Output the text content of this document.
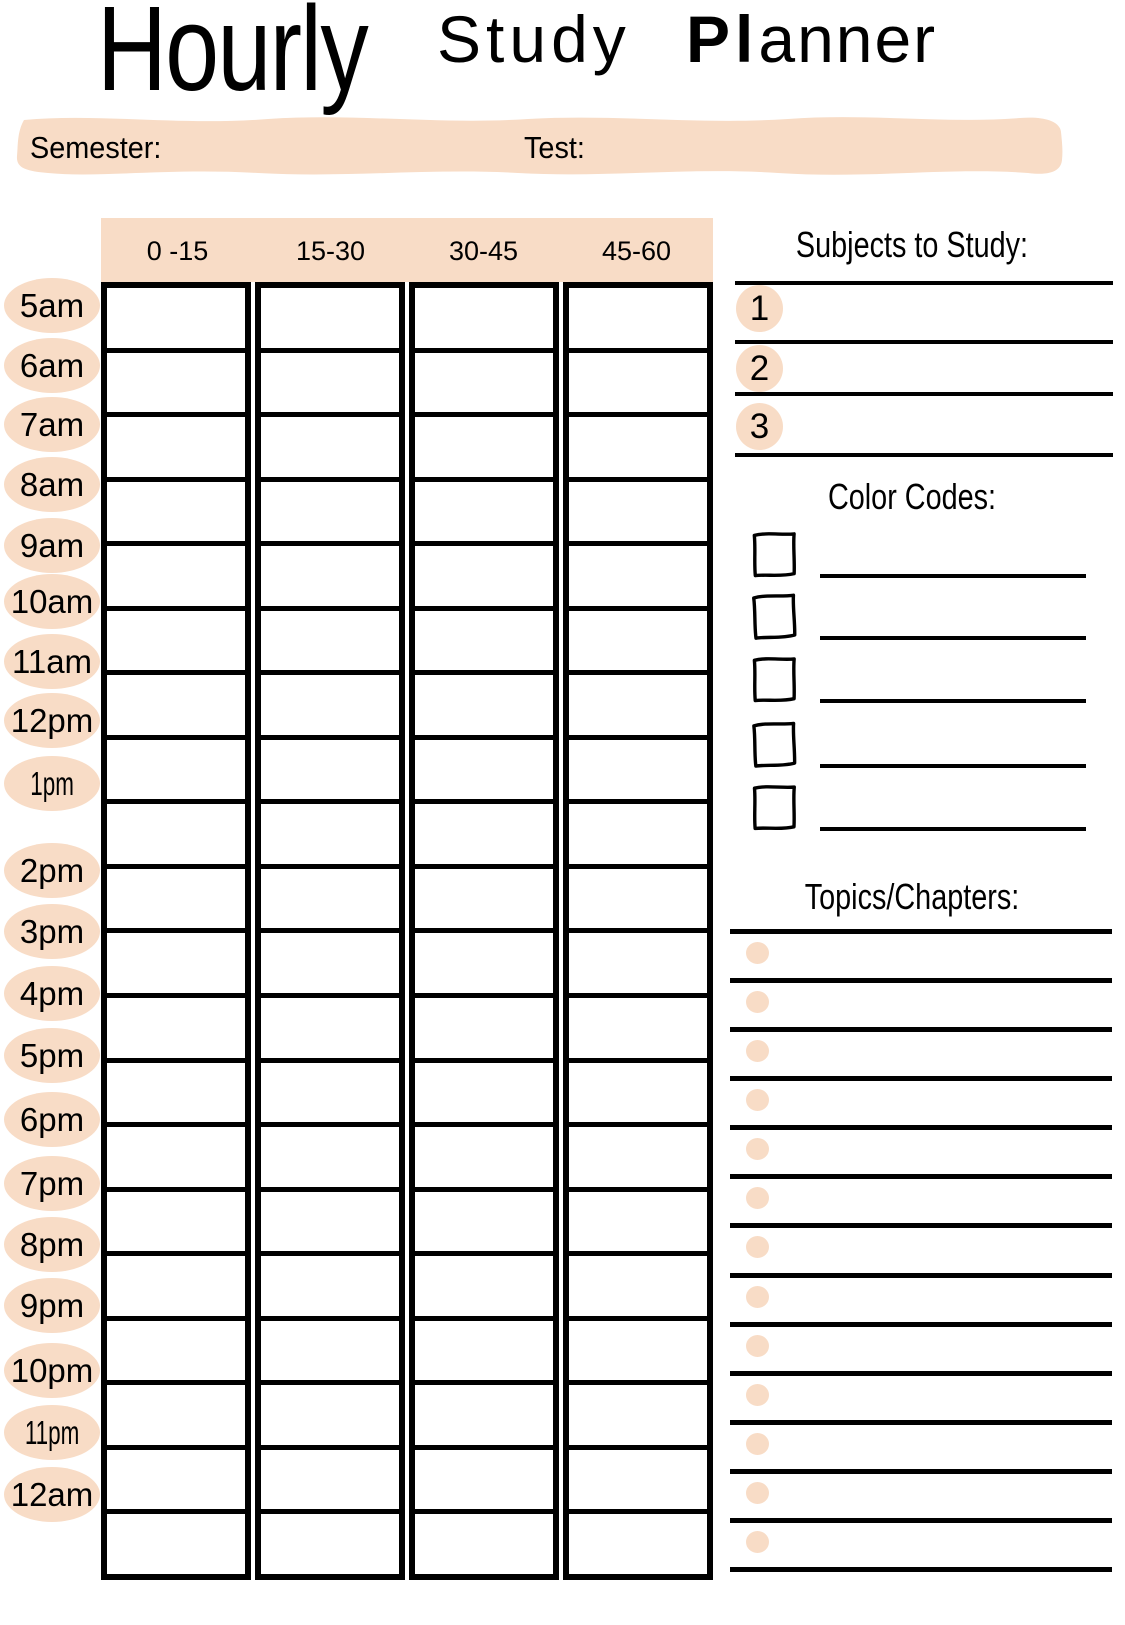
Hourly Study Planner
Semester:	Test:
0 -15	15-30	30-45	45-60
5am
6am
7am
8am
9am
10am
11am
12pm
1pm
2pm
3pm
4pm
5pm
6pm
7pm
8pm
9pm
10pm
11pm
12am
Subjects to Study:
Color Codes:
Topics/Chapters:
1
2
3
